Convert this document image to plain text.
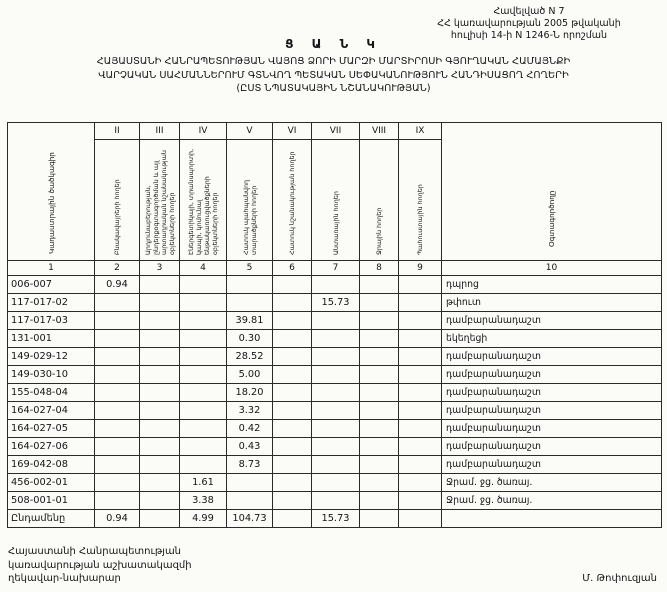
Հավելված N 7
ՀՀ կառավարության 2005 թվականի
հուլիսի 14-ի N 1246-Ն որոշման
Ց Ա Ն Կ
ՀԱՅԱՍՏԱՆԻ ՀԱՆՐԱՊԵՏՈՒԹՅԱՆ ՎԱՅՈՑ ՁՈՐԻ ՄԱՐԶԻ ՄԱՐՏԻՐՈՍԻ ԳՅՈՒՂԱԿԱՆ ՀԱՄԱՅՆՔԻ
ՎԱՐՉԱԿԱՆ ՍԱՀՄԱՆՆԵՐՈՒՄ ԳՏՆՎՈՂ ՊԵՏԱԿԱՆ ՍԵՓԱԿԱՆՈՒԹՅՈՒՆ ՀԱՆԴԻՍԱՑՈՂ ՀՈՂԵՐԻ
(ԸՍՏ ՆՊԱՏԱԿԱՅԻՆ ՆՇԱՆԱԿՈՒԹՅԱՆ)
Կադաստրային ծածկագիր	II	III	IV	V	VI	VII	VIII	IX	Օգտագործողը
	Բնակավայրերի հողեր	Արդյունաբերության, ընդերքօգտագործման և այլ արտադրական նշանակության օբյեկտների հողեր	Էներգետիկայի, տրանսպորտի, կապի, կոմունալ ենթակառուցվածքների օբյեկտների հողեր	Հատուկ պահպանվող տարածքների հողեր	Հատուկ նշանակության հողեր	Անտառային հողեր	Ջրային հողեր	Պահուստային հողեր	
1	2	3	4	5	6	7	8	9	10
006-007	0.94								դպրոց
117-017-02						15.73			թփուտ
117-017-03				39.81					դամբարանադաշտ
131-001				0.30					եկեղեցի
149-029-12				28.52					դամբարանադաշտ
149-030-10				5.00					դամբարանադաշտ
155-048-04				18.20					դամբարանադաշտ
164-027-04				3.32					դամբարանադաշտ
164-027-05				0.42					դամբարանադաշտ
164-027-06				0.43					դամբարանադաշտ
169-042-08				8.73					դամբարանադաշտ
456-002-01			1.61						Ջրամ. ջց. ծառայ.
508-001-01			3.38						Ջրամ. ջց. ծառայ.
Ընդամենը	0.94		4.99	104.73		15.73			
Հայաստանի Հանրապետության
կառավարության աշխատակազմի
ղեկավար-նախարար	Մ. Թոփուզյան
